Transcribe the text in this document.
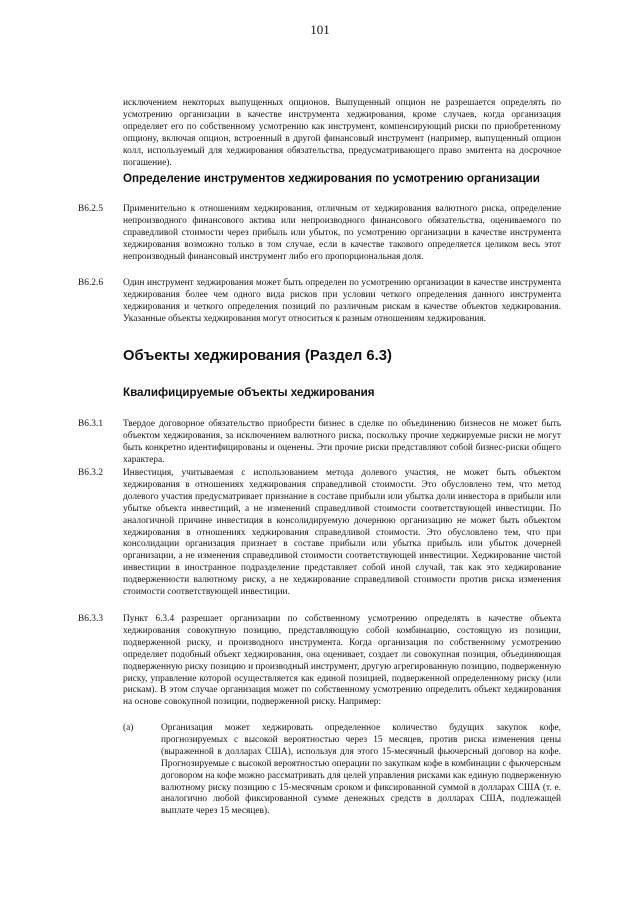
101

исключением некоторых выпущенных опционов. Выпущенный опцион не разрешается определять по усмотрению организации в качестве инструмента хеджирования, кроме случаев, когда организация определяет его по собственному усмотрению как инструмент, компенсирующий риски по приобретенному опциону, включая опцион, встроенный в другой финансовый инструмент (например, выпущенный опцион колл, используемый для хеджирования обязательства, предусматривающего право эмитента на досрочное погашение).

Определение инструментов хеджирования по усмотрению организации
B6.2.5 Применительно к отношениям хеджирования, отличным от хеджирования валютного риска, определение непроизводного финансового актива или непроизводного финансового обязательства, оцениваемого по справедливой стоимости через прибыль или убыток, по усмотрению организации в качестве инструмента хеджирования возможно только в том случае, если в качестве такового определяется целиком весь этот непроизводный финансовый инструмент либо его пропорциональная доля.

B6.2.6 Один инструмент хеджирования может быть определен по усмотрению организации в качестве инструмента хеджирования более чем одного вида рисков при условии четкого определения данного инструмента хеджирования и четкого определения позиций по различным рискам в качестве объектов хеджирования. Указанные объекты хеджирования могут относиться к разным отношениям хеджирования.

Объекты хеджирования (Раздел 6.3)
Квалифицируемые объекты хеджирования
B6.3.1 Твердое договорное обязательство приобрести бизнес в сделке по объединению бизнесов не может быть объектом хеджирования, за исключением валютного риска, поскольку прочие хеджируемые риски не могут быть конкретно идентифицированы и оценены. Эти прочие риски представляют собой бизнес-риски общего характера.

B6.3.2 Инвестиция, учитываемая с использованием метода долевого участия, не может быть объектом хеджирования в отношениях хеджирования справедливой стоимости. Это обусловлено тем, что метод долевого участия предусматривает признание в составе прибыли или убытка доли инвестора в прибыли или убытке объекта инвестиций, а не изменений справедливой стоимости соответствующей инвестиции. По аналогичной причине инвестиция в консолидируемую дочернюю организацию не может быть объектом хеджирования в отношениях хеджирования справедливой стоимости. Это обусловлено тем, что при консолидации организация признает в составе прибыли или убытка прибыль или убыток дочерней организации, а не изменения справедливой стоимости соответствующей инвестиции. Хеджирование чистой инвестиции в иностранное подразделение представляет собой иной случай, так как это хеджирование подверженности валютному риску, а не хеджирование справедливой стоимости против риска изменения стоимости соответствующей инвестиции.

B6.3.3 Пункт 6.3.4 разрешает организации по собственному усмотрению определять в качестве объекта хеджирования совокупную позицию, представляющую собой комбинацию, состоящую из позиции, подверженной риску, и производного инструмента. Когда организация по собственному усмотрению определяет подобный объект хеджирования, она оценивает, создает ли совокупная позиция, объединяющая подверженную риску позицию и производный инструмент, другую агрегированную позицию, подверженную риску, управление которой осуществляется как единой позицией, подверженной определенному риску (или рискам). В этом случае организация может по собственному усмотрению определить объект хеджирования на основе совокупной позиции, подверженной риску. Например:

(a)	Организация может хеджировать определенное количество будущих закупок кофе, прогнозируемых с высокой вероятностью через 15 месяцев, против риска изменения цены (выраженной в долларах США), используя для этого 15-месячный фьючерсный договор на кофе. Прогнозируемые с высокой вероятностью операции по закупкам кофе в комбинации с фьючерсным договором на кофе можно рассматривать для целей управления рисками как единую подверженную валютному риску позицию с 15-месячным сроком и фиксированной суммой в долларах США (т. е. аналогично любой фиксированной сумме денежных средств в долларах США, подлежащей выплате через 15 месяцев).
